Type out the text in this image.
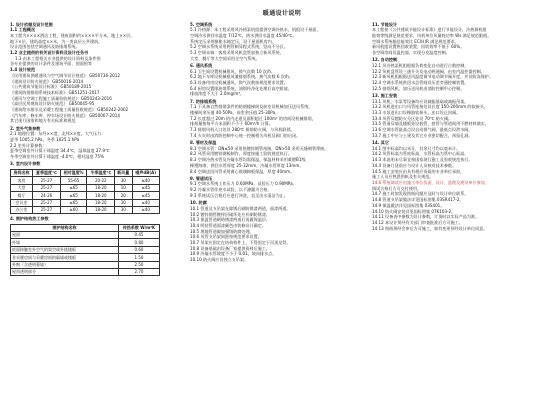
暖通设计说明

1. 设计依据及设计范围

1.1 工程概况

本工程为××××酒店工程，建筑面积约××××平方米，地上××层，

地下×层，建筑高度××米，为一类高层公共建筑。

设计范围包括空调通风及防排烟系统。

1.2 业主提供的有关设计资料及设计任务书

1.3 由本工程相关专业提供的设计资料及条件图

各专业提供的设计条件及建筑平面、剖面图等

1.4 设计规范

《民用建筑供暖通风与空气调节设计规范》 GB50736-2012

《建筑设计防火规范》 GB50016-2014

《公共建筑节能设计标准》 GB50189-2015

《建筑防烟排烟系统技术标准》 GB51251-2017

《通风与空调工程施工质量验收规范》 GB50243-2016

《高层民用建筑设计防火规范》 GB50045-95

《建筑给水排水及采暖工程施工质量验收规范》 GB50242-2002

《汽车库、修车库、停车场设计防火规范》 GB50067-2014

其它现行国家和地方有关标准和规范

2. 室外气象参数

2.1 地理位置：东经××度，北纬××度，大气压力：

夏季 1005.2 hPa，冬季 1025.1 hPa

2.2 室外计算参数：

夏季空调室外计算干球温度 34.4℃，湿球温度 27.9℃

冬季空调室外计算干球温度 -4.0℃，相对湿度 75%

3. 室内设计参数

房间名称	夏季温度℃	相对湿度%	冬季温度℃	新风量	噪声dB(A)
客房	25-27	55-65	20-22	30	≤40
大堂	25-27	≤65	18-20	10	≤45
餐厅	24-26	≤65	18-20	20	≤45
会议室	25-27	≤65	18-20	30	≤40
办公室	25-27	≤60	18-20	30	≤40

4. 围护结构热工参数

围护结构名称	传热系数 W/m²K
屋面	0.45
外墙	0.80
底面接触室外空气的架空或外挑楼板	0.60
非采暖房间与采暖房间的隔墙或楼板	1.50
外窗（含透明幕墙）	2.50
屋顶透明部分	2.70

5. 空调系统

5.1 冷热源：本工程采用风冷热泵机组提供空调冷热水，机组设于屋面，

空调冷水供回水温度 7/12℃，热水供回水温度 45/40℃。

系统定压采用膨胀水箱定压，设于屋面机房内。

5.2 空调水系统采用两管制异程式系统，竖向不分区。

5.3 空调末端：客房采用风机盘管加独立新风系统，

大堂、餐厅等大空间采用全空气系统。

6. 通风系统

6.1 卫生间设置机械排风，换气次数 10 次/h。

6.2 地下车库设机械排风兼排烟系统，换气次数 6 次/h。

6.3 设备用房设机械通风，换气次数按规范要求设置。

6.4 厨房设置排油烟系统，油烟经净化处理后高空排放，

排放浓度不大于 2.0mg/m³。

7. 防排烟系统

7.1 不具备自然排烟条件的防烟楼梯间及前室设机械加压送风系统，

楼梯间余压值 40-50Pa，前室余压值 25-30Pa。

7.2 长度超过 20m 的内走道及面积超过 100m² 的房间设机械排烟，

排烟量按每平方米面积不小于 60m³/h 计算。

7.3 排烟风机入口处设 280℃ 排烟防火阀，与风机联锁。

7.4 火灾时由消防控制中心统一控制相关风机及阀门的启闭。

8. 管材及保温

8.1 空调水管：DN≤50 采用热镀锌钢管丝接，DN>50 采用无缝钢管焊接。

8.2 风管采用镀锌钢板制作，厚度按施工验收规范执行。

8.3 空调冷热水管及冷凝水管均需保温，保温材料采用难燃B1级

橡塑海绵，供回水管厚度 25-32mm，冷凝水管厚度 13mm。

8.4 空调送回风管采用离心玻璃棉板保温，厚度 40mm。

9. 管道试压

9.1 空调水系统工作压力 0.60MPa，试验压力 0.90MPa。

9.2 冷凝水管作充水试验，以不渗漏为合格。

9.3 系统试压合格后应进行冲洗，直至出水清洁为止。

10. 防腐

10.1 管道及支吊架在除锈后刷防锈漆两道，面漆两道。

10.2 镀锌钢管镀锌层破坏处应补刷防锈漆。

10.3 保温管道刷防锈漆两道后再做保温层。

10.4 明装管道面漆颜色由装修设计确定。

10.5 埋地管道做加强级防腐处理。

10.6 风管支吊架间距按规范要求设置。

10.7 吊架应固定在结构构件上，不得固定于吊顶龙骨。

10.8 设备基础由设备厂家提供资料后施工。

10.9 冷凝水管坡度不小于 0.01，坡向排水点。

10.10 防火阀应设独立支吊架。

11. 节能设计

本工程按《公共建筑节能设计标准》进行节能设计，冷热源机组

能效等级满足规范要求，风机单位风量耗功率 Ws 满足规范限值。

空调水系统输送能效比 EC(H)R 满足规范要求。

新风机组设置热回收装置，回收效率不低于 60%。

各空调房间设温控器，实现分室温度控制。

12. 自动控制

12.1 风冷热泵机组根据负荷变化自动进行台数控制。

12.2 风机盘管设三速开关及电动两通阀，由室内温控器控制。

12.3 新风机组根据送风温度调节电动调节阀开度，并设防冻保护。

12.4 空调水系统供回水总管间设压差旁通控制装置。

12.5 排烟风机、加压送风机由消防控制中心控制。

13. 施工安装

13.1 风机、水泵等设备均应设减振基础或减振吊架。

13.2 风机进出口与风管连接处设长度 150-200mm 的软接头。

13.3 水泵进出口设橡胶软接头，出口设止回阀。

13.4 风管穿越防火分区处设 70℃ 防火阀。

13.5 管道穿墙及楼板处设套管，套管与管道间用不燃材料填实。

13.6 空调水管最高点设自动排气阀，最低点设泄水阀。

13.7 施工中应与土建及其它专业密切配合，预留孔洞。

14. 其它

14.1 图中标高均以米计，其余尺寸均以毫米计。

14.2 风管标高为管底标高，水管标高为管中心标高。

14.3 本说明未尽事宜按国家现行施工及验收规范执行。

14.4 设备订货前应与设计人员核对技术参数。

14.5 施工安装应由具有相应资质的专业单位承担，

施工人员应熟悉图纸及有关规范。

14.6 系统调试应由施工单位负责，设计、监理及建设单位参加，

调试合格后方可交付使用。

14.7 施工时如发现图纸问题应及时与设计单位联系。

14.8 管道支吊架做法详见国标图集 03SR417-2。

14.9 保温做法详见国标图集 03S401。

14.10 防火阀安装详见国标图集 07K103-2。

14.11 设备表中参数为设计参数，订货时以实际产品为准。

14.12 本设计须经有关部门审查批准后方可施工。

14.13 图纸须经会审后方可施工，如有变更须经设计单位同意。
